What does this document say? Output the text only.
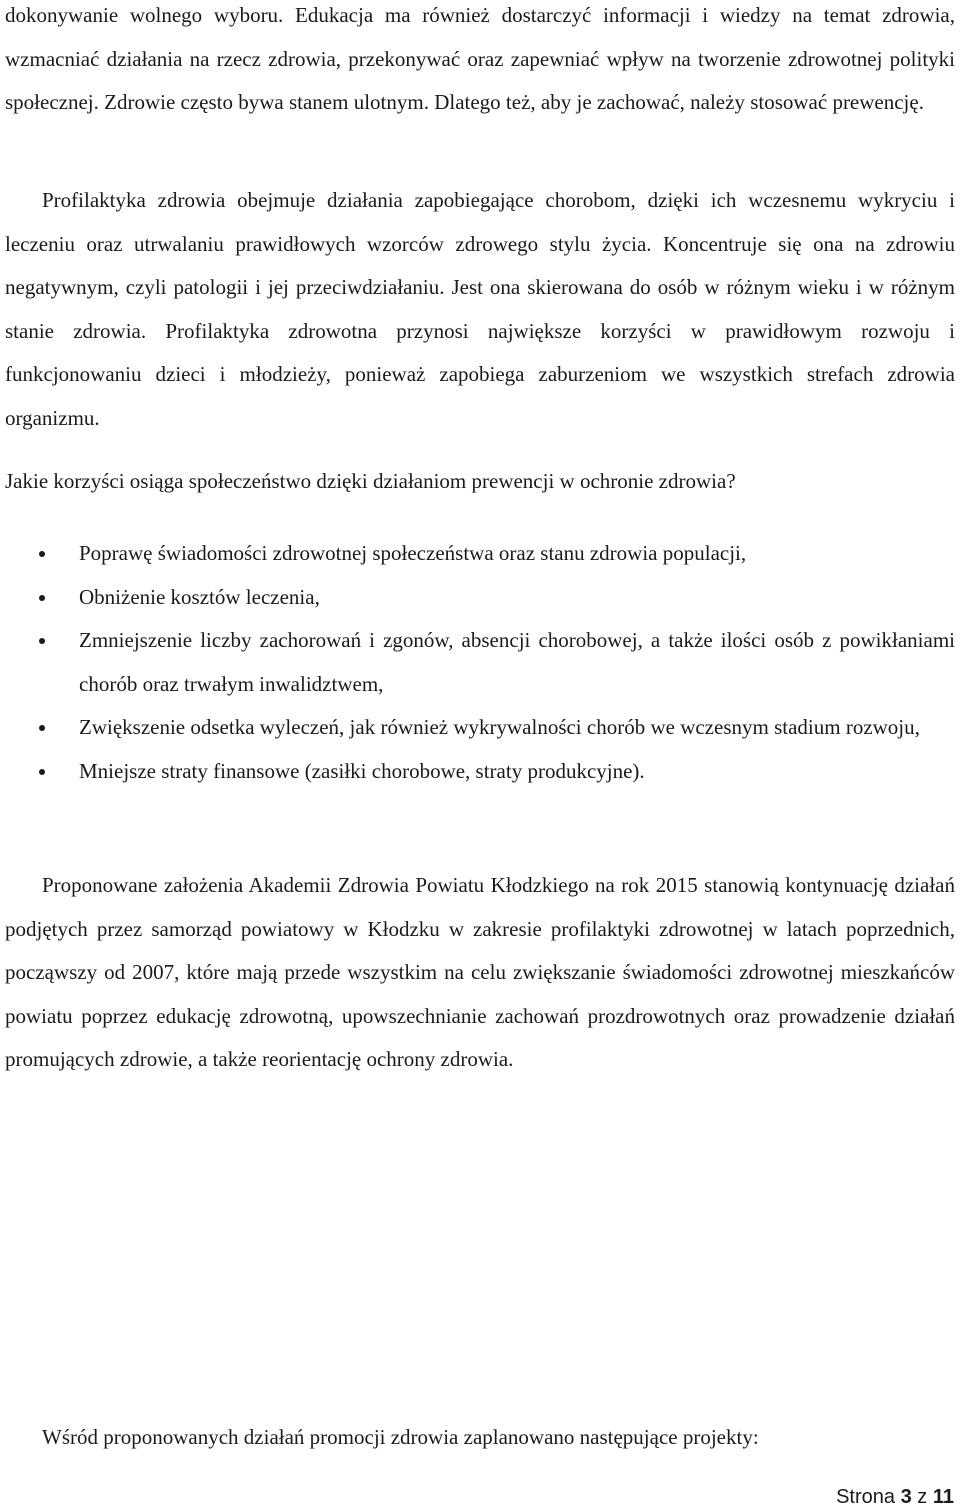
dokonywanie wolnego wyboru. Edukacja ma również dostarczyć informacji i wiedzy na temat zdrowia, wzmacniać działania na rzecz zdrowia, przekonywać oraz zapewniać wpływ na tworzenie zdrowotnej polityki społecznej. Zdrowie często bywa stanem ulotnym. Dlatego też, aby je zachować, należy stosować prewencję.

Profilaktyka zdrowia obejmuje działania zapobiegające chorobom, dzięki ich wczesnemu wykryciu i leczeniu oraz utrwalaniu prawidłowych wzorców zdrowego stylu życia. Koncentruje się ona na zdrowiu negatywnym, czyli patologii i jej przeciwdziałaniu. Jest ona skierowana do osób w różnym wieku i w różnym stanie zdrowia. Profilaktyka zdrowotna przynosi największe korzyści w prawidłowym rozwoju i funkcjonowaniu dzieci i młodzieży, ponieważ zapobiega zaburzeniom we wszystkich strefach zdrowia organizmu.

Jakie korzyści osiąga społeczeństwo dzięki działaniom prewencji w ochronie zdrowia?

Poprawę świadomości zdrowotnej społeczeństwa oraz stanu zdrowia populacji,
Obniżenie kosztów leczenia,
Zmniejszenie liczby zachorowań i zgonów, absencji chorobowej, a także ilości osób z powikłaniami chorób oraz trwałym inwalidztwem,
Zwiększenie odsetka wyleczeń, jak również wykrywalności chorób we wczesnym stadium rozwoju,
Mniejsze straty finansowe (zasiłki chorobowe, straty produkcyjne).

Proponowane założenia Akademii Zdrowia Powiatu Kłodzkiego na rok 2015 stanowią kontynuację działań podjętych przez samorząd powiatowy w Kłodzku w zakresie profilaktyki zdrowotnej w latach poprzednich, począwszy od 2007, które mają przede wszystkim na celu zwiększanie świadomości zdrowotnej mieszkańców powiatu poprzez edukację zdrowotną, upowszechnianie zachowań prozdrowotnych oraz prowadzenie działań promujących zdrowie, a także reorientację ochrony zdrowia.

Wśród proponowanych działań promocji zdrowia zaplanowano następujące projekty:

Strona 3 z 11
